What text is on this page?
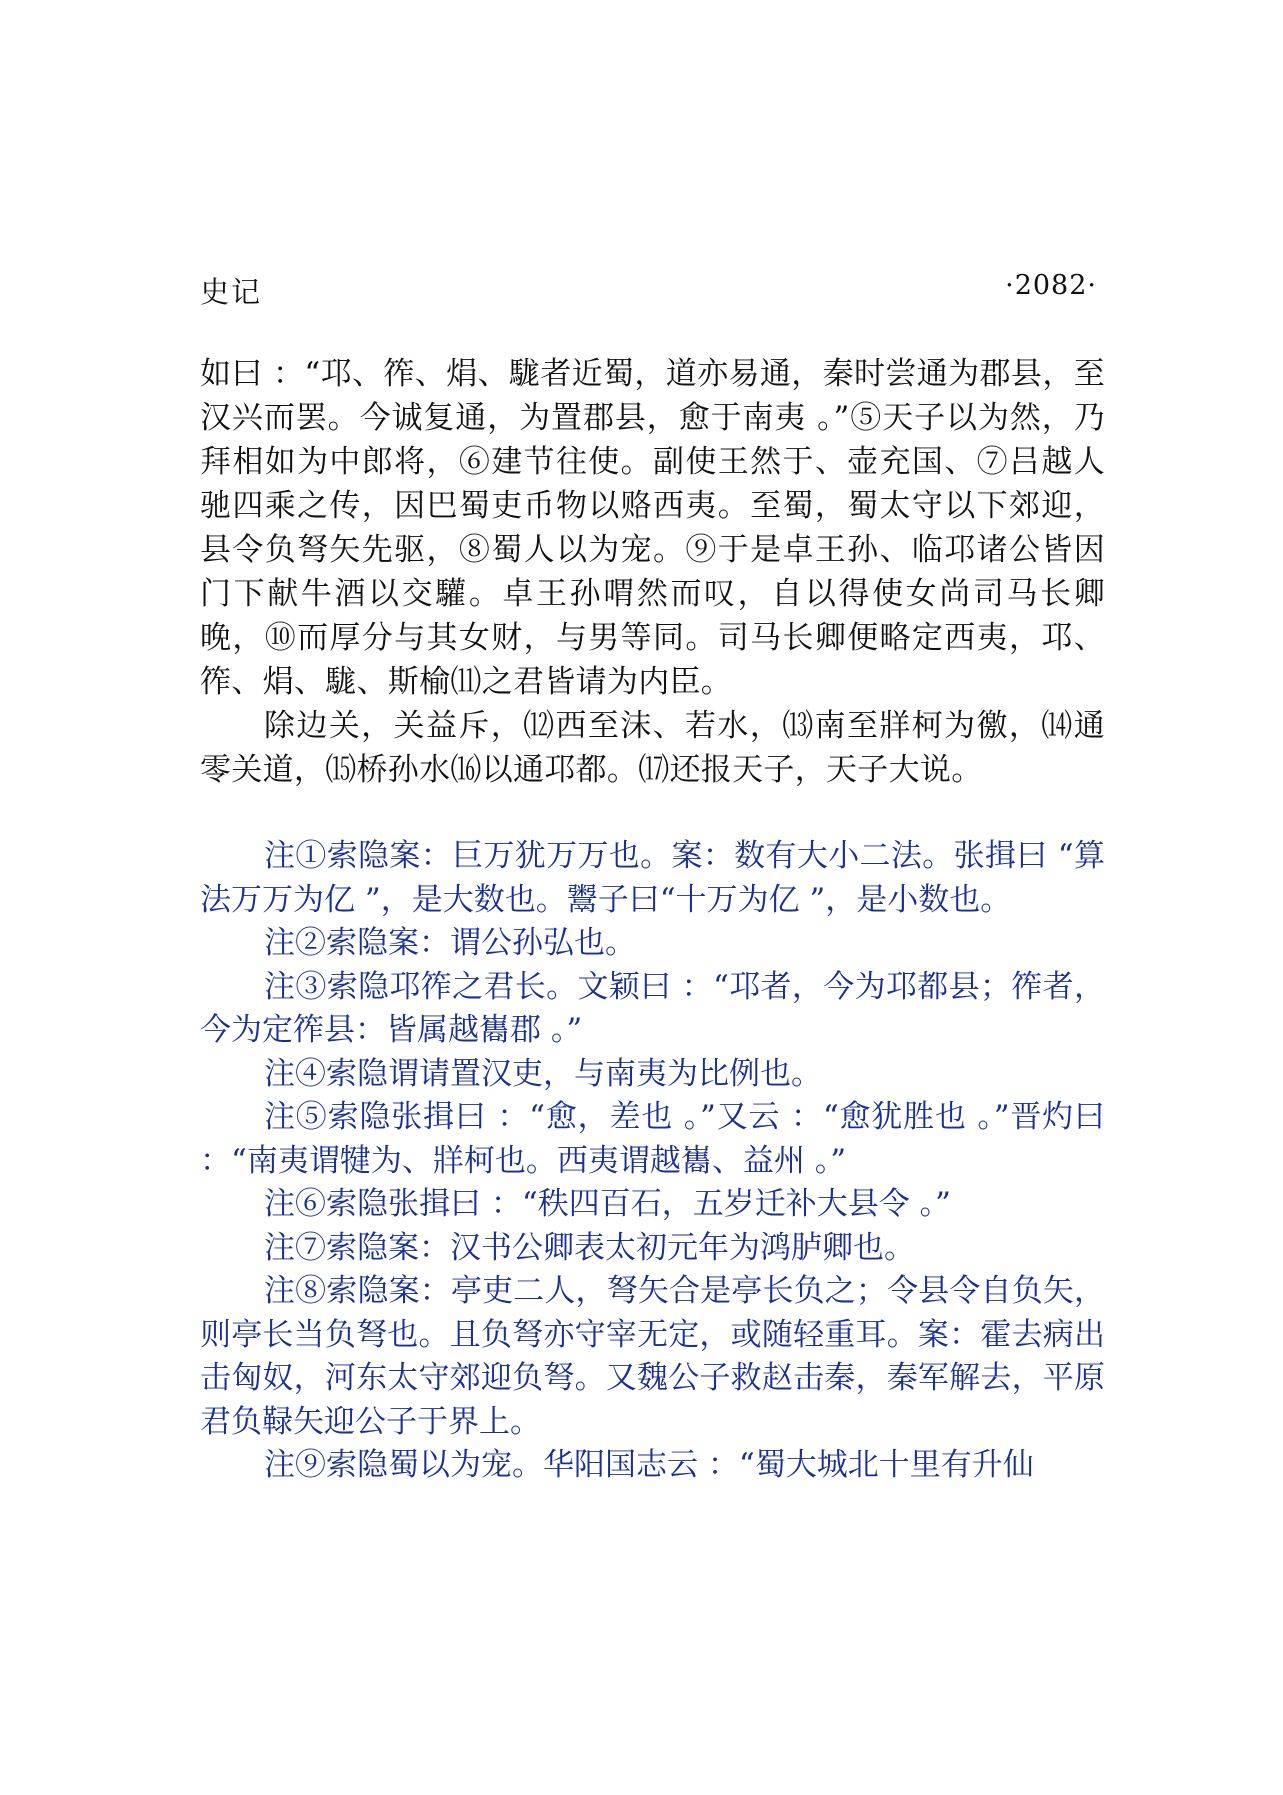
史记	·2082·

如曰 ：“邛、筰、焆、駹者近蜀，道亦易通，秦时尝通为郡县，至汉兴而罢。今诚复通，为置郡县，愈于南夷 。”⑤天子以为然，乃拜相如为中郎将，⑥建节往使。副使王然于、壶充国、⑦吕越人驰四乘之传，因巴蜀吏币物以赂西夷。至蜀，蜀太守以下郊迎，县令负弩矢先驱，⑧蜀人以为宠。⑨于是卓王孙、临邛诸公皆因门下献牛酒以交驩。卓王孙喟然而叹，自以得使女尚司马长卿晚，⑩而厚分与其女财，与男等同。司马长卿便略定西夷，邛、筰、焆、駹、斯榆⑾之君皆请为内臣。

除边关，关益斥，⑿西至沫、若水，⒀南至牂柯为徼，⒁通零关道，⒂桥孙水⒃以通邛都。⒄还报天子，天子大说。

注①索隐案：巨万犹万万也。案：数有大小二法。张揖曰 “算法万万为亿 ”，是大数也。鬻子曰“十万为亿 ”，是小数也。

注②索隐案：谓公孙弘也。

注③索隐邛筰之君长。文颖曰 ：“邛者，今为邛都县；筰者，今为定筰县：皆属越巂郡 。”

注④索隐谓请置汉吏，与南夷为比例也。

注⑤索隐张揖曰 ：“愈，差也 。”又云 ：“愈犹胜也 。”晋灼曰 ：“南夷谓犍为、牂柯也。西夷谓越巂、益州 。”

注⑥索隐张揖曰 ：“秩四百石，五岁迁补大县令 。”

注⑦索隐案：汉书公卿表太初元年为鸿胪卿也。

注⑧索隐案：亭吏二人，弩矢合是亭长负之；令县令自负矢，则亭长当负弩也。且负弩亦守宰无定，或随轻重耳。案：霍去病出击匈奴，河东太守郊迎负弩。又魏公子救赵击秦，秦军解去，平原君负䩮矢迎公子于界上。

注⑨索隐蜀以为宠。华阳国志云 ：“蜀大城北十里有升仙
